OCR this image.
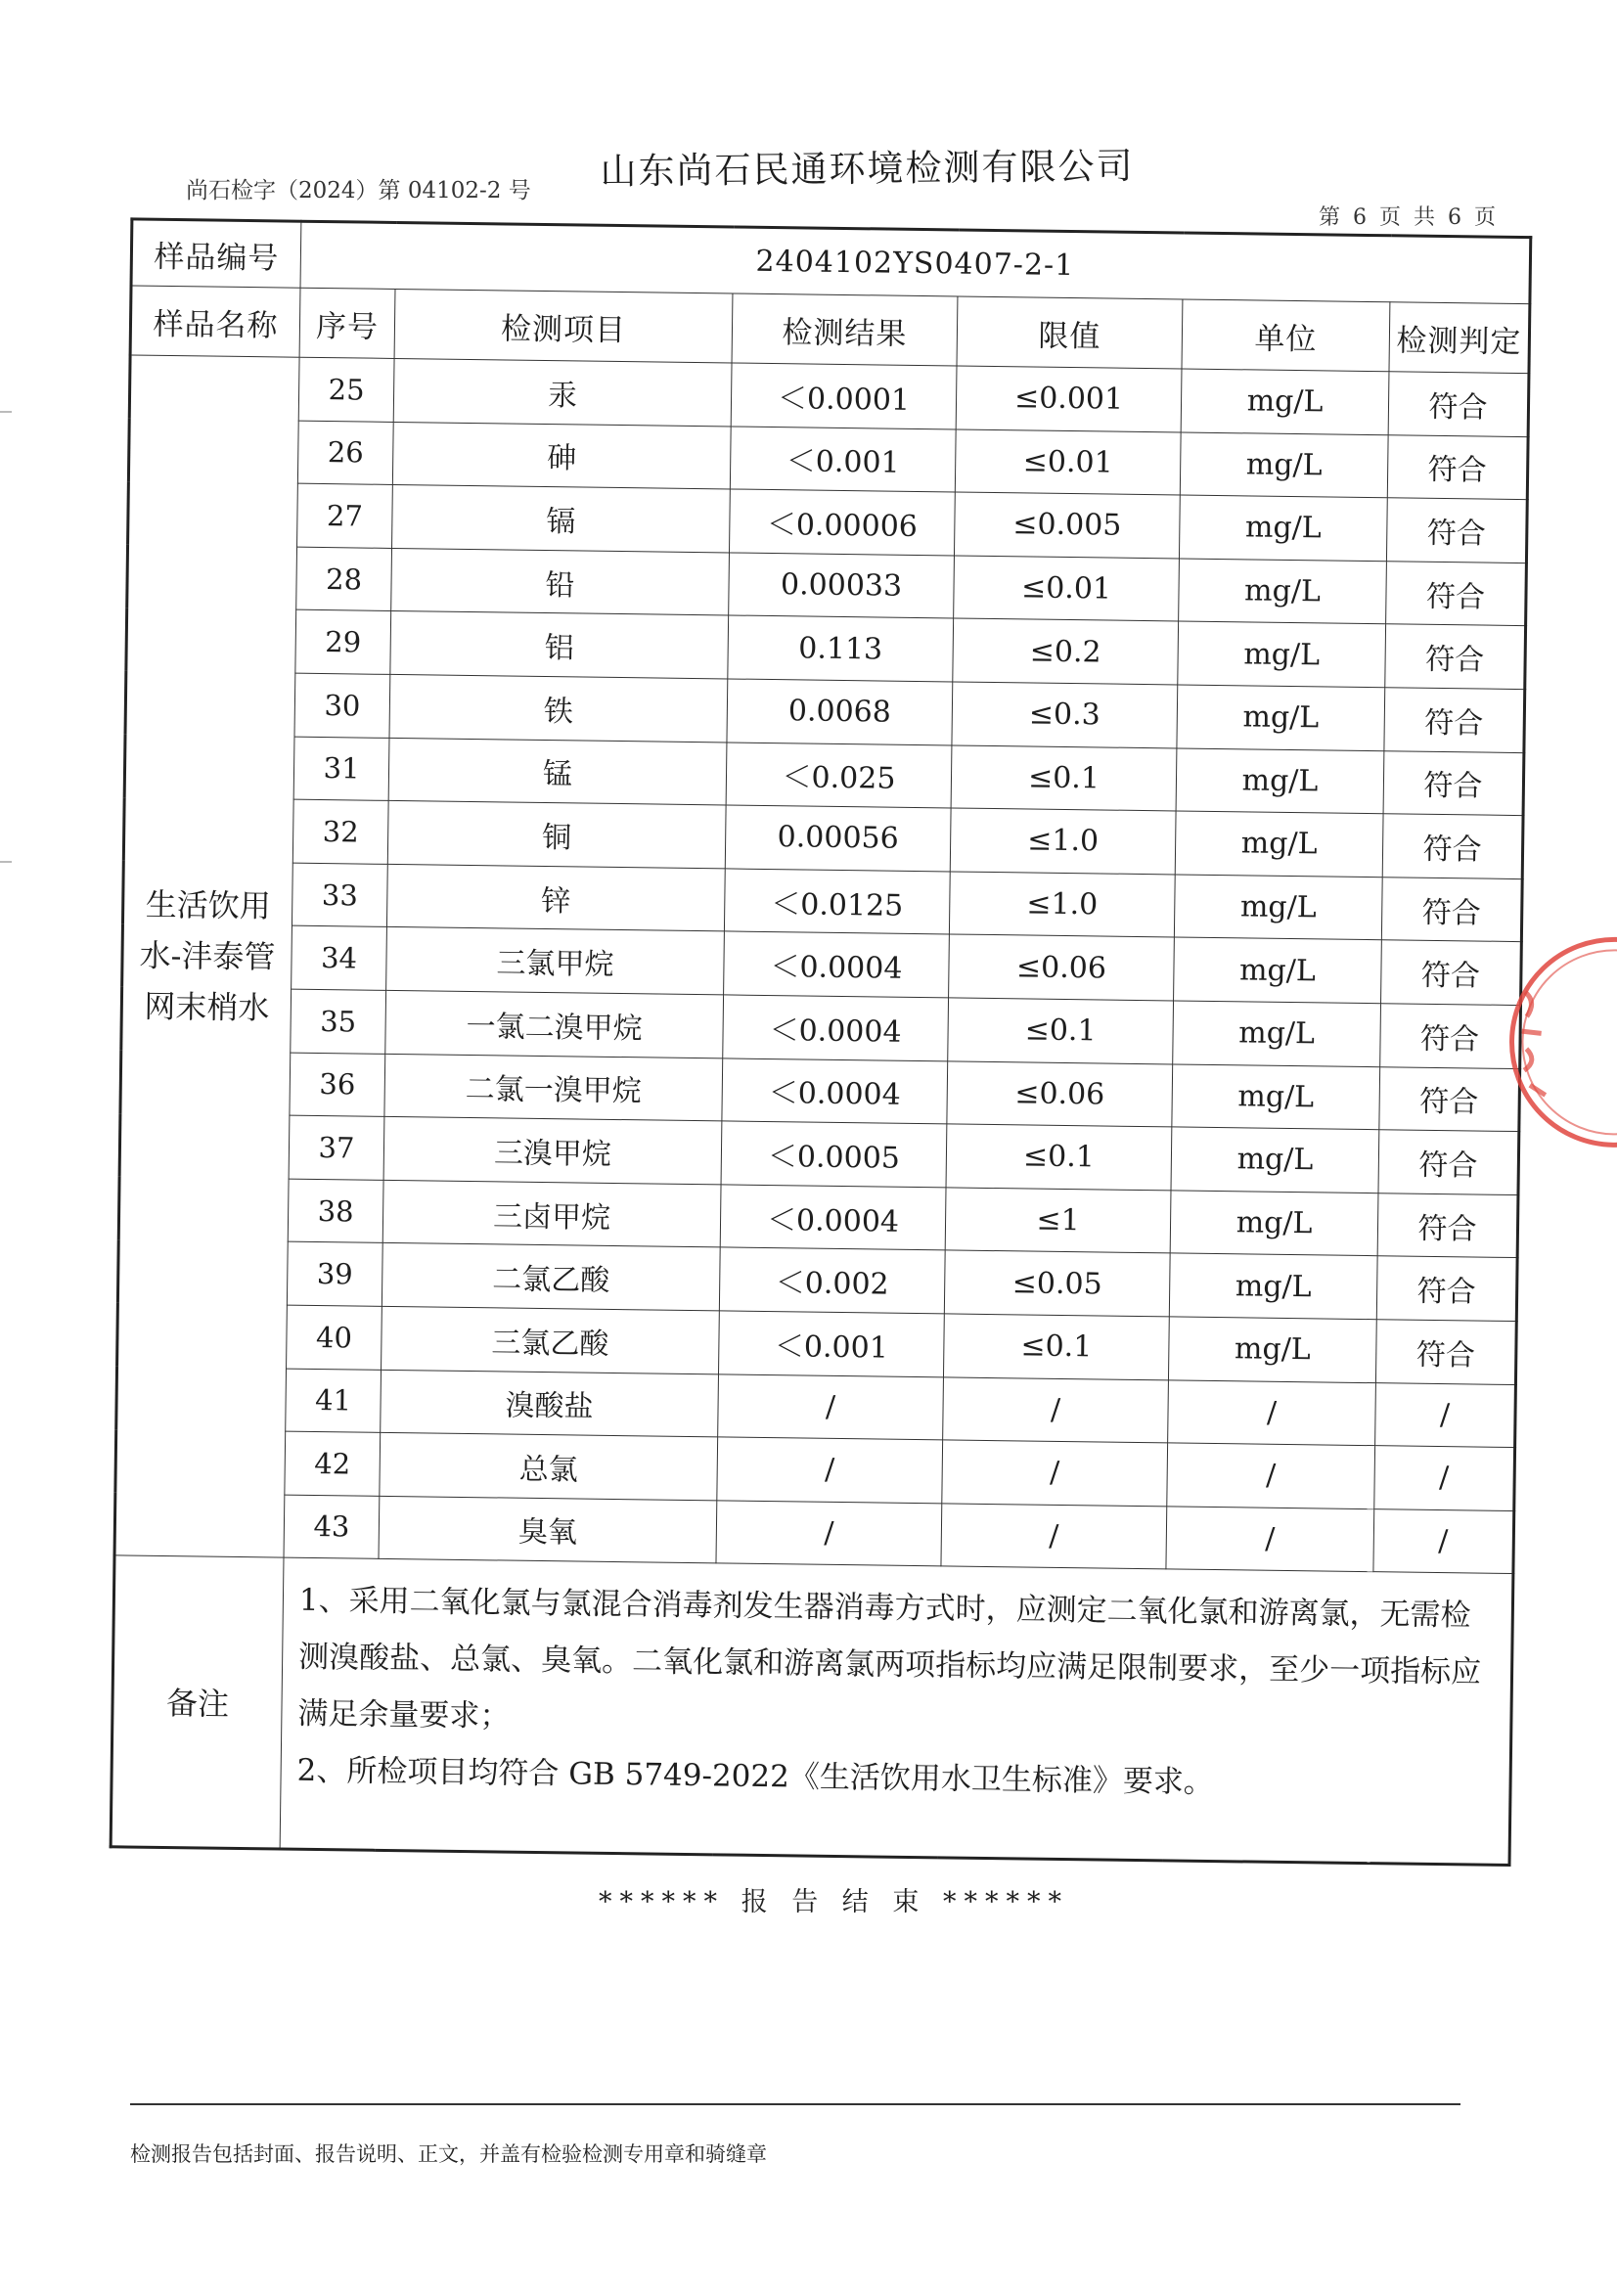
山东尚石民通环境检测有限公司
尚石检字（2024）第 04102-2 号
第 6 页 共 6 页
样品编号	2404102YS0407-2-1					
样品名称	序号	检测项目	检测结果	限值	单位	检测判定
生活饮用水-沣泰管网末梢水	25	汞	＜0.0001	≤0.001	mg/L	符合
	26	砷	＜0.001	≤0.01	mg/L	符合
	27	镉	＜0.00006	≤0.005	mg/L	符合
	28	铅	0.00033	≤0.01	mg/L	符合
	29	铝	0.113	≤0.2	mg/L	符合
	30	铁	0.0068	≤0.3	mg/L	符合
	31	锰	＜0.025	≤0.1	mg/L	符合
	32	铜	0.00056	≤1.0	mg/L	符合
	33	锌	＜0.0125	≤1.0	mg/L	符合
	34	三氯甲烷	＜0.0004	≤0.06	mg/L	符合
	35	一氯二溴甲烷	＜0.0004	≤0.1	mg/L	符合
	36	二氯一溴甲烷	＜0.0004	≤0.06	mg/L	符合
	37	三溴甲烷	＜0.0005	≤0.1	mg/L	符合
	38	三卤甲烷	＜0.0004	≤1	mg/L	符合
	39	二氯乙酸	＜0.002	≤0.05	mg/L	符合
	40	三氯乙酸	＜0.001	≤0.1	mg/L	符合
	41	溴酸盐	/	/	/	/
	42	总氯	/	/	/	/
	43	臭氧	/	/	/	/
备注	1、采用二氧化氯与氯混合消毒剂发生器消毒方式时，应测定二氧化氯和游离氯，无需检测溴酸盐、总氯、臭氧。二氧化氯和游离氯两项指标均应满足限制要求，至少一项指标应满足余量要求；

2、所检项目均符合 GB 5749-2022《生活饮用水卫生标准》要求。					

****** 报 告 结 束 ******
检测报告包括封面、报告说明、正文，并盖有检验检测专用章和骑缝章
